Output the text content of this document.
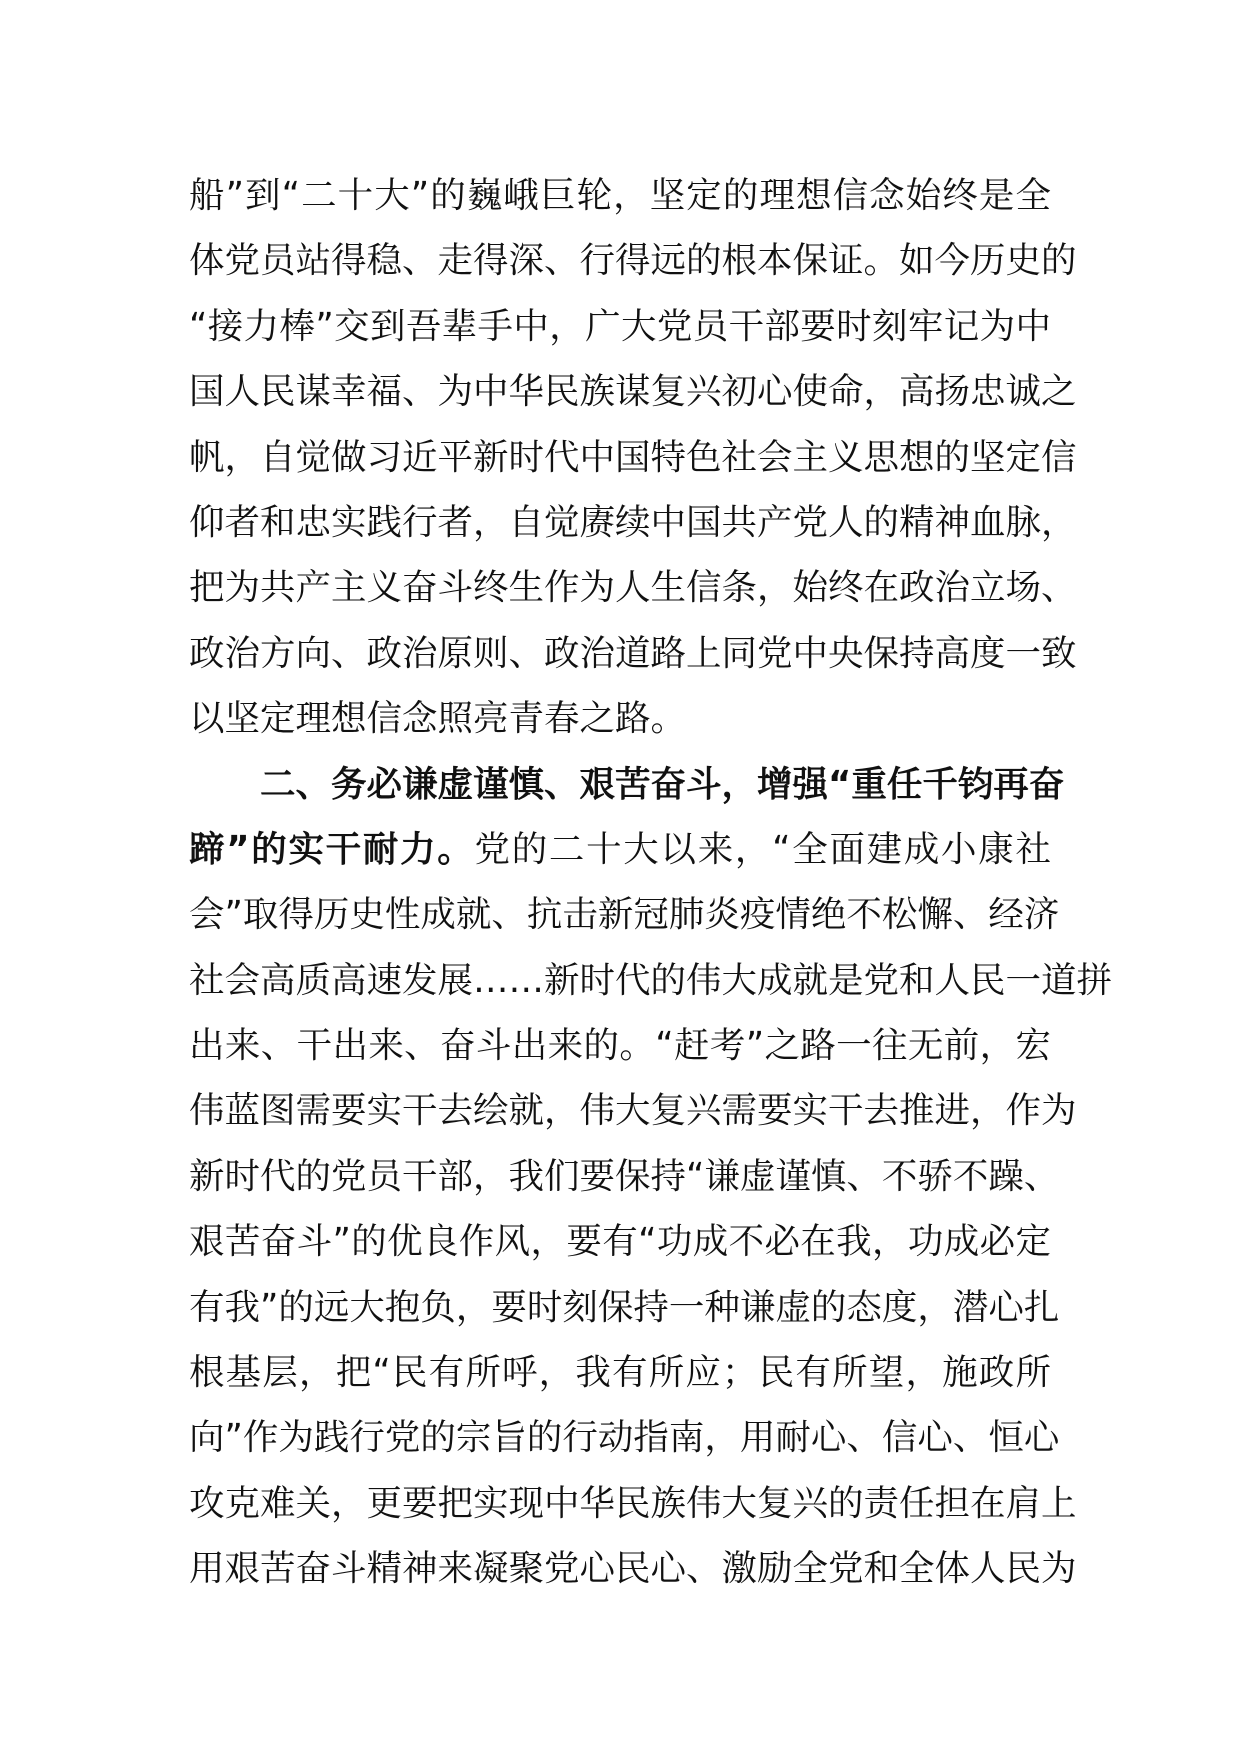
船”到“二十大”的巍峨巨轮，坚定的理想信念始终是全
体党员站得稳、走得深、行得远的根本保证。如今历史的
“接力棒”交到吾辈手中，广大党员干部要时刻牢记为中
国人民谋幸福、为中华民族谋复兴初心使命，高扬忠诚之
帆，自觉做习近平新时代中国特色社会主义思想的坚定信
仰者和忠实践行者，自觉赓续中国共产党人的精神血脉，
把为共产主义奋斗终生作为人生信条，始终在政治立场、
政治方向、政治原则、政治道路上同党中央保持高度一致
以坚定理想信念照亮青春之路。
二、务必谦虚谨慎、艰苦奋斗，增强“重任千钧再奋
蹄”的实干耐力。党的二十大以来，“全面建成小康社
会”取得历史性成就、抗击新冠肺炎疫情绝不松懈、经济
社会高质高速发展……新时代的伟大成就是党和人民一道拼
出来、干出来、奋斗出来的。“赶考”之路一往无前，宏
伟蓝图需要实干去绘就，伟大复兴需要实干去推进，作为
新时代的党员干部，我们要保持“谦虚谨慎、不骄不躁、
艰苦奋斗”的优良作风，要有“功成不必在我，功成必定
有我”的远大抱负，要时刻保持一种谦虚的态度，潜心扎
根基层，把“民有所呼，我有所应；民有所望，施政所
向”作为践行党的宗旨的行动指南，用耐心、信心、恒心
攻克难关，更要把实现中华民族伟大复兴的责任担在肩上
用艰苦奋斗精神来凝聚党心民心、激励全党和全体人民为
